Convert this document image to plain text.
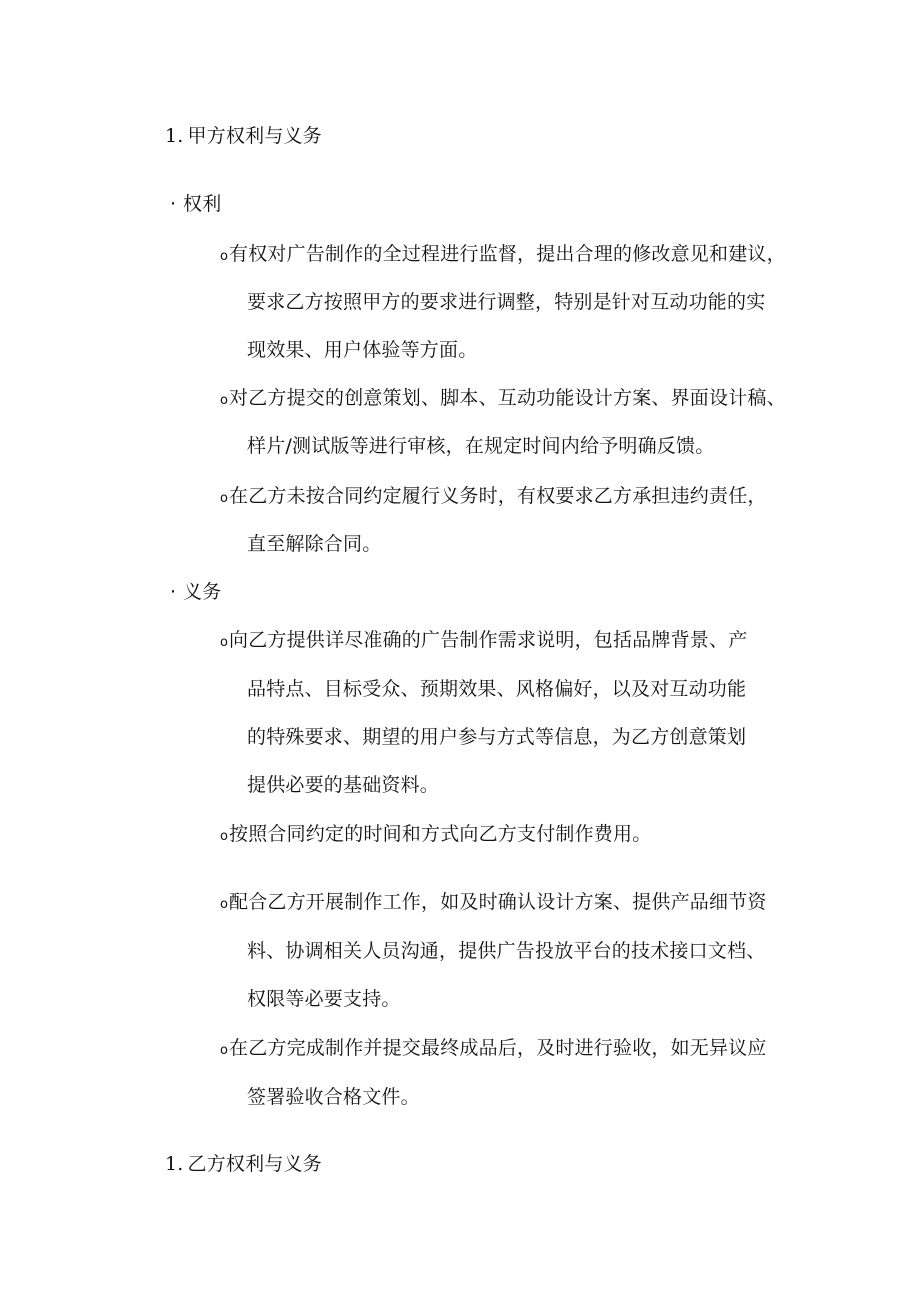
1. 甲方权利与义务
· 权利
o有权对广告制作的全过程进行监督，提出合理的修改意见和建议，
要求乙方按照甲方的要求进行调整，特别是针对互动功能的实
现效果、用户体验等方面。
o对乙方提交的创意策划、脚本、互动功能设计方案、界面设计稿、
样片/测试版等进行审核，在规定时间内给予明确反馈。
o在乙方未按合同约定履行义务时，有权要求乙方承担违约责任，
直至解除合同。
· 义务
o向乙方提供详尽准确的广告制作需求说明，包括品牌背景、产
品特点、目标受众、预期效果、风格偏好，以及对互动功能
的特殊要求、期望的用户参与方式等信息，为乙方创意策划
提供必要的基础资料。
o按照合同约定的时间和方式向乙方支付制作费用。
o配合乙方开展制作工作，如及时确认设计方案、提供产品细节资
料、协调相关人员沟通，提供广告投放平台的技术接口文档、
权限等必要支持。
o在乙方完成制作并提交最终成品后，及时进行验收，如无异议应
签署验收合格文件。
1. 乙方权利与义务
